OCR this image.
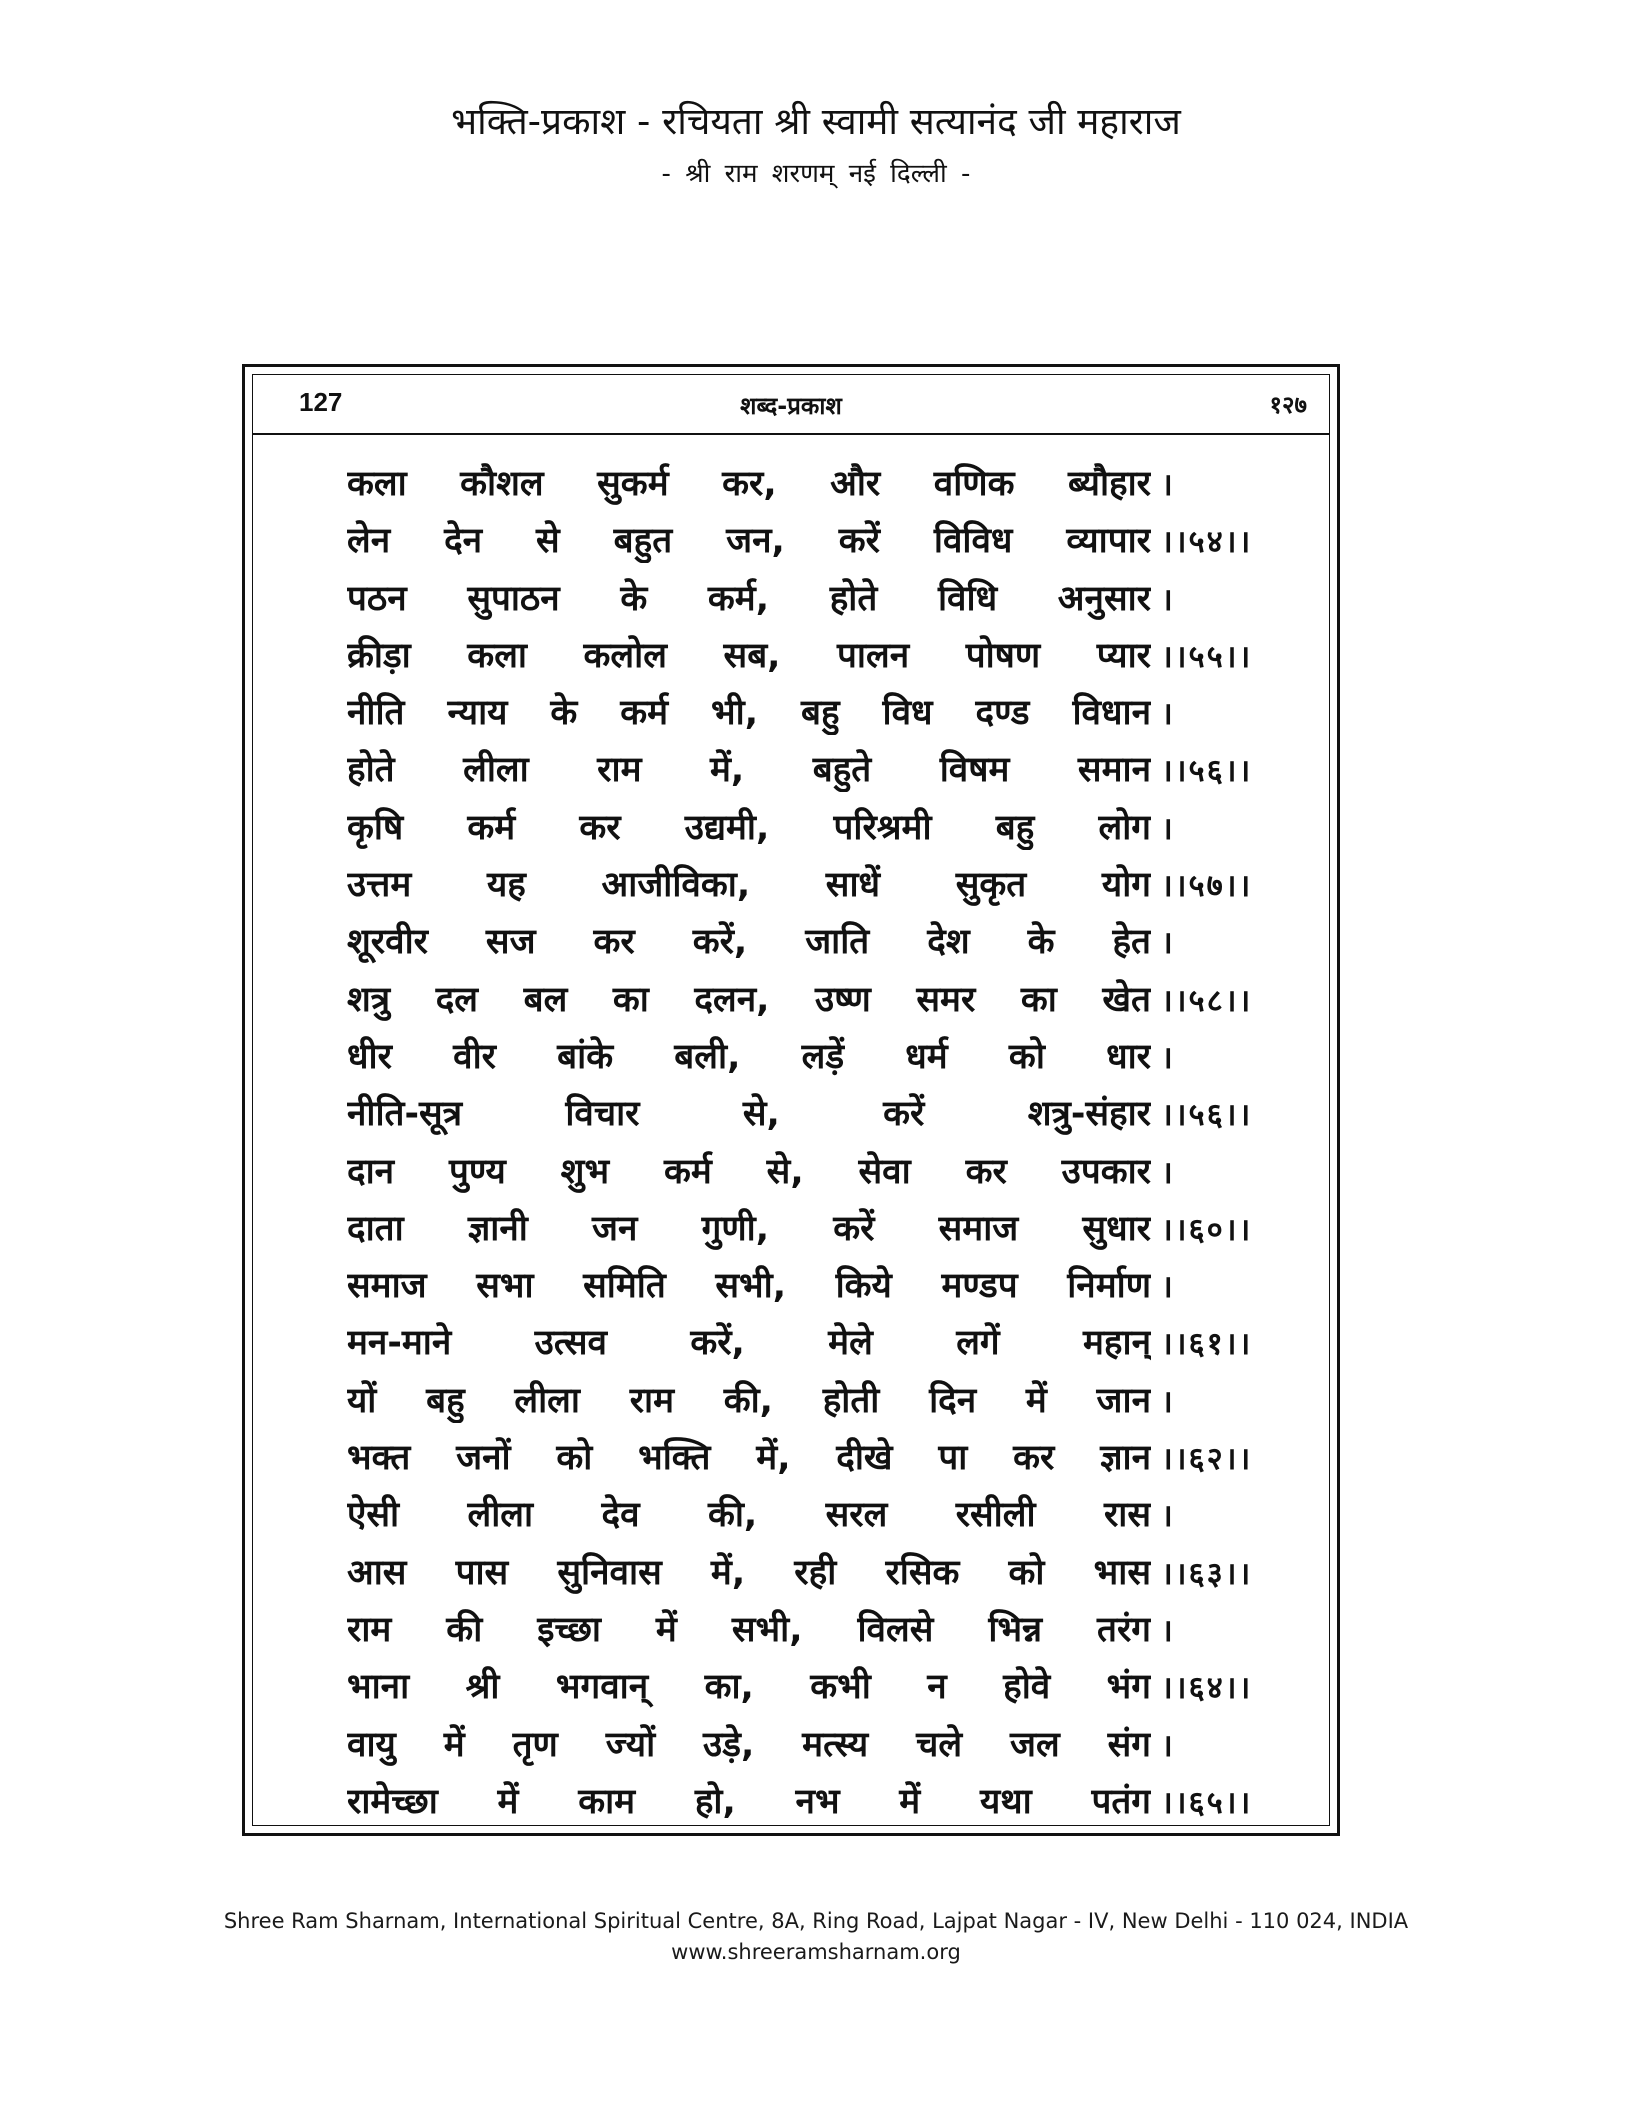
भक्ति-प्रकाश - रचियता श्री स्वामी सत्यानंद जी महाराज
- श्री राम शरणम् नई दिल्ली -
127	शब्द-प्रकाश	१२७
कला कौशल सुकर्म कर, और वणिक ब्यौहार ।
लेन देन से बहुत जन, करें विविध व्यापार ।।५४।।
पठन सुपाठन के कर्म, होते विधि अनुसार ।
क्रीड़ा कला कलोल सब, पालन पोषण प्यार ।।५५।।
नीति न्याय के कर्म भी, बहु विध दण्ड विधान ।
होते लीला राम में, बहुते विषम समान ।।५६।।
कृषि कर्म कर उद्यमी, परिश्रमी बहु लोग ।
उत्तम यह आजीविका, साधें सुकृत योग ।।५७।।
शूरवीर सज कर करें, जाति देश के हेत ।
शत्रु दल बल का दलन, उष्ण समर का खेत ।।५८।।
धीर वीर बांके बली, लड़ें धर्म को धार ।
नीति-सूत्र विचार से, करें शत्रु-संहार ।।५६।।
दान पुण्य शुभ कर्म से, सेवा कर उपकार ।
दाता ज्ञानी जन गुणी, करें समाज सुधार ।।६०।।
समाज सभा समिति सभी, किये मण्डप निर्माण ।
मन-माने उत्सव करें, मेले लगें महान् ।।६१।।
यों बहु लीला राम की, होती दिन में जान ।
भक्त जनों को भक्ति में, दीखे पा कर ज्ञान ।।६२।।
ऐसी लीला देव की, सरल रसीली रास ।
आस पास सुनिवास में, रही रसिक को भास ।।६३।।
राम की इच्छा में सभी, विलसे भिन्न तरंग ।
भाना श्री भगवान् का, कभी न होवे भंग ।।६४।।
वायु में तृण ज्यों उड़े, मत्स्य चले जल संग ।
रामेच्छा में काम हो, नभ में यथा पतंग ।।६५।।
Shree Ram Sharnam, International Spiritual Centre, 8A, Ring Road, Lajpat Nagar - IV, New Delhi - 110 024, INDIA
www.shreeramsharnam.org
